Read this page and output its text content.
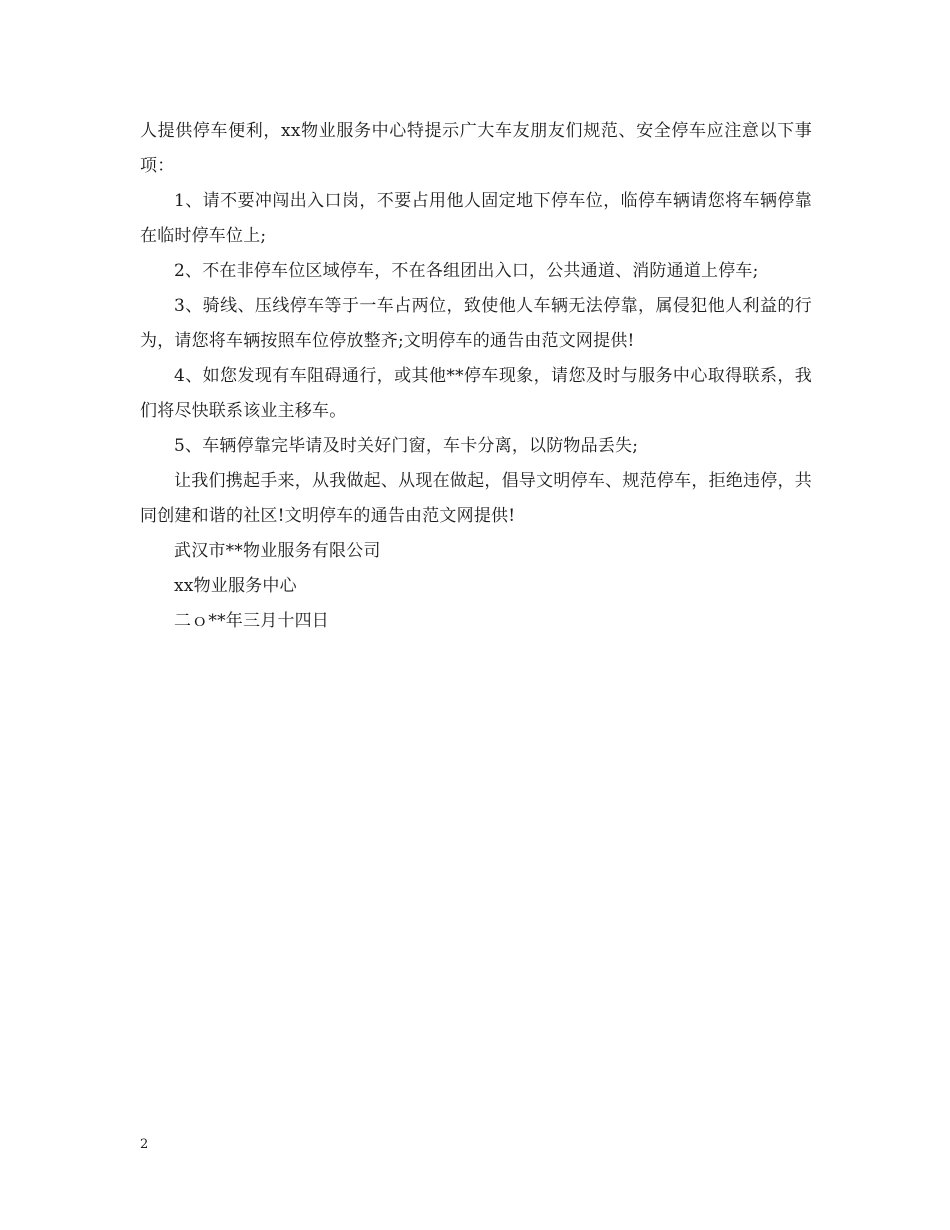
人提供停车便利，xx物业服务中心特提示广大车友朋友们规范、安全停车应注意以下事项：

1、请不要冲闯出入口岗，不要占用他人固定地下停车位，临停车辆请您将车辆停靠在临时停车位上;

2、不在非停车位区域停车，不在各组团出入口，公共通道、消防通道上停车;

3、骑线、压线停车等于一车占两位，致使他人车辆无法停靠，属侵犯他人利益的行为，请您将车辆按照车位停放整齐;文明停车的通告由范文网提供!

4、如您发现有车阻碍通行，或其他**停车现象，请您及时与服务中心取得联系，我们将尽快联系该业主移车。

5、车辆停靠完毕请及时关好门窗，车卡分离，以防物品丢失;

让我们携起手来，从我做起、从现在做起，倡导文明停车、规范停车，拒绝违停，共同创建和谐的社区!文明停车的通告由范文网提供!

武汉市**物业服务有限公司

xx物业服务中心

二ｏ**年三月十四日

2
